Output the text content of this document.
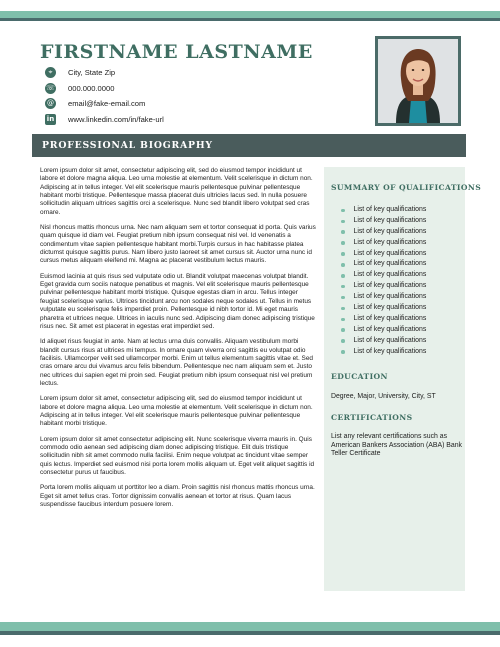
FIRSTNAME LASTNAME
⌖	City, State Zip
☏ 000.000.0000
@ email@fake-email.com
in www.linkedin.com/in/fake-url
PROFESSIONAL BIOGRAPHY

Lorem ipsum dolor sit amet, consectetur adipiscing elit, sed do eiusmod tempor incididunt ut labore et dolore magna aliqua. Leo urna molestie at elementum. Velit scelerisque in dictum non. Adipiscing at in tellus integer. Vel elit scelerisque mauris pellentesque pulvinar pellentesque habitant morbi tristique. Pellentesque massa placerat duis ultricies lacus sed. In nulla posuere sollicitudin aliquam ultrices sagittis orci a scelerisque. Nunc sed blandit libero volutpat sed cras ornare.

Nisl rhoncus mattis rhoncus urna. Nec nam aliquam sem et tortor consequat id porta. Quis varius quam quisque id diam vel. Feugiat pretium nibh ipsum consequat nisl vel. Id venenatis a condimentum vitae sapien pellentesque habitant morbi.Turpis cursus in hac habitasse platea dictumst quisque sagittis purus. Nam libero justo laoreet sit amet cursus sit. Auctor urna nunc id cursus metus aliquam eleifend mi. Magna ac placerat vestibulum lectus mauris.

Euismod lacinia at quis risus sed vulputate odio ut. Blandit volutpat maecenas volutpat blandit. Eget gravida cum sociis natoque penatibus et magnis. Vel elit scelerisque mauris pellentesque pulvinar pellentesque habitant morbi tristique. Quisque egestas diam in arcu. Tellus integer feugiat scelerisque varius. Ultrices tincidunt arcu non sodales neque sodales ut. Tellus in metus vulputate eu scelerisque felis imperdiet proin. Pellentesque id nibh tortor id. Mi eget mauris pharetra et ultrices neque. Ultrices in iaculis nunc sed. Adipiscing diam donec adipiscing tristique risus nec. Sit amet est placerat in egestas erat imperdiet sed.

Id aliquet risus feugiat in ante. Nam at lectus urna duis convallis. Aliquam vestibulum morbi blandit cursus risus at ultrices mi tempus. In ornare quam viverra orci sagittis eu volutpat odio facilisis. Ullamcorper velit sed ullamcorper morbi. Enim ut tellus elementum sagittis vitae et. Sed cras ornare arcu dui vivamus arcu felis bibendum. Pellentesque nec nam aliquam sem et. Justo nec ultrices dui sapien eget mi proin sed. Feugiat pretium nibh ipsum consequat nisl vel pretium lectus.

Lorem ipsum dolor sit amet, consectetur adipiscing elit, sed do eiusmod tempor incididunt ut labore et dolore magna aliqua. Leo urna molestie at elementum. Velit scelerisque in dictum non. Adipiscing at in tellus integer. Vel elit scelerisque mauris pellentesque pulvinar pellentesque habitant morbi tristique.

Lorem ipsum dolor sit amet consectetur adipiscing elit. Nunc scelerisque viverra mauris in. Quis commodo odio aenean sed adipiscing diam donec adipiscing tristique. Elit duis tristique sollicitudin nibh sit amet commodo nulla facilisi. Enim neque volutpat ac tincidunt vitae semper quis lectus. Imperdiet sed euismod nisi porta lorem mollis aliquam ut. Eget velit aliquet sagittis id consectetur purus ut faucibus.

Porta lorem mollis aliquam ut porttitor leo a diam. Proin sagittis nisl rhoncus mattis rhoncus urna. Eget sit amet tellus cras. Tortor dignissim convallis aenean et tortor at risus. Quam lacus suspendisse faucibus interdum posuere lorem.

SUMMARY OF QUALIFICATIONS
List of key qualifications
List of key qualifications
List of key qualifications
List of key qualifications
List of key qualifications
List of key qualifications
List of key qualifications
List of key qualifications
List of key qualifications
List of key qualifications
List of key qualifications
List of key qualifications
List of key qualifications
List of key qualifications
EDUCATION

Degree, Major, University, City, ST

CERTIFICATIONS

List any relevant certifications such as American Bankers Association (ABA) Bank Teller Certificate
